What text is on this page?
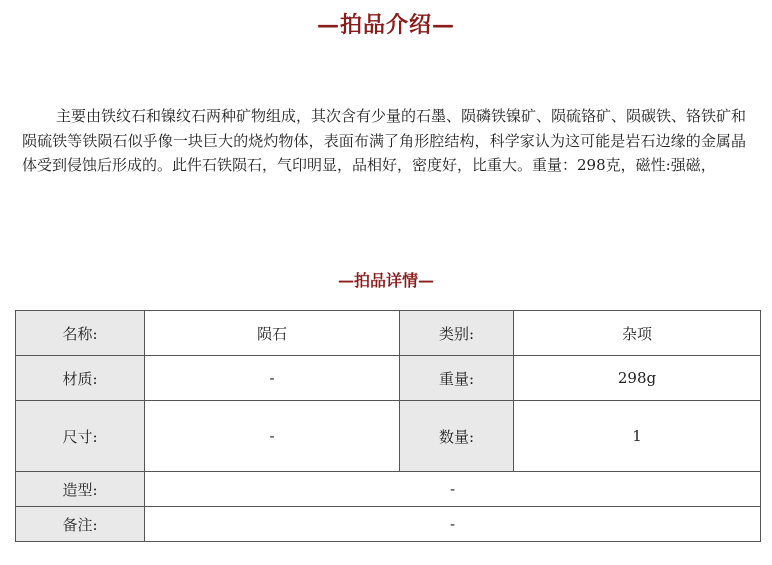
—拍品介绍—

主要由铁纹石和镍纹石两种矿物组成，其次含有少量的石墨、陨磷铁镍矿、陨硫铬矿、陨碳铁、铬铁矿和陨硫铁等铁陨石似乎像一块巨大的烧灼物体，表面布满了角形腔结构，科学家认为这可能是岩石边缘的金属晶体受到侵蚀后形成的。此件石铁陨石，气印明显，品相好，密度好，比重大。重量：298克，磁性:强磁，

—拍品详情—
名称:	陨石	类别:	杂项
材质:	-	重量:	298g
尺寸:	-	数量:	1
造型:	-		
备注:	-		
